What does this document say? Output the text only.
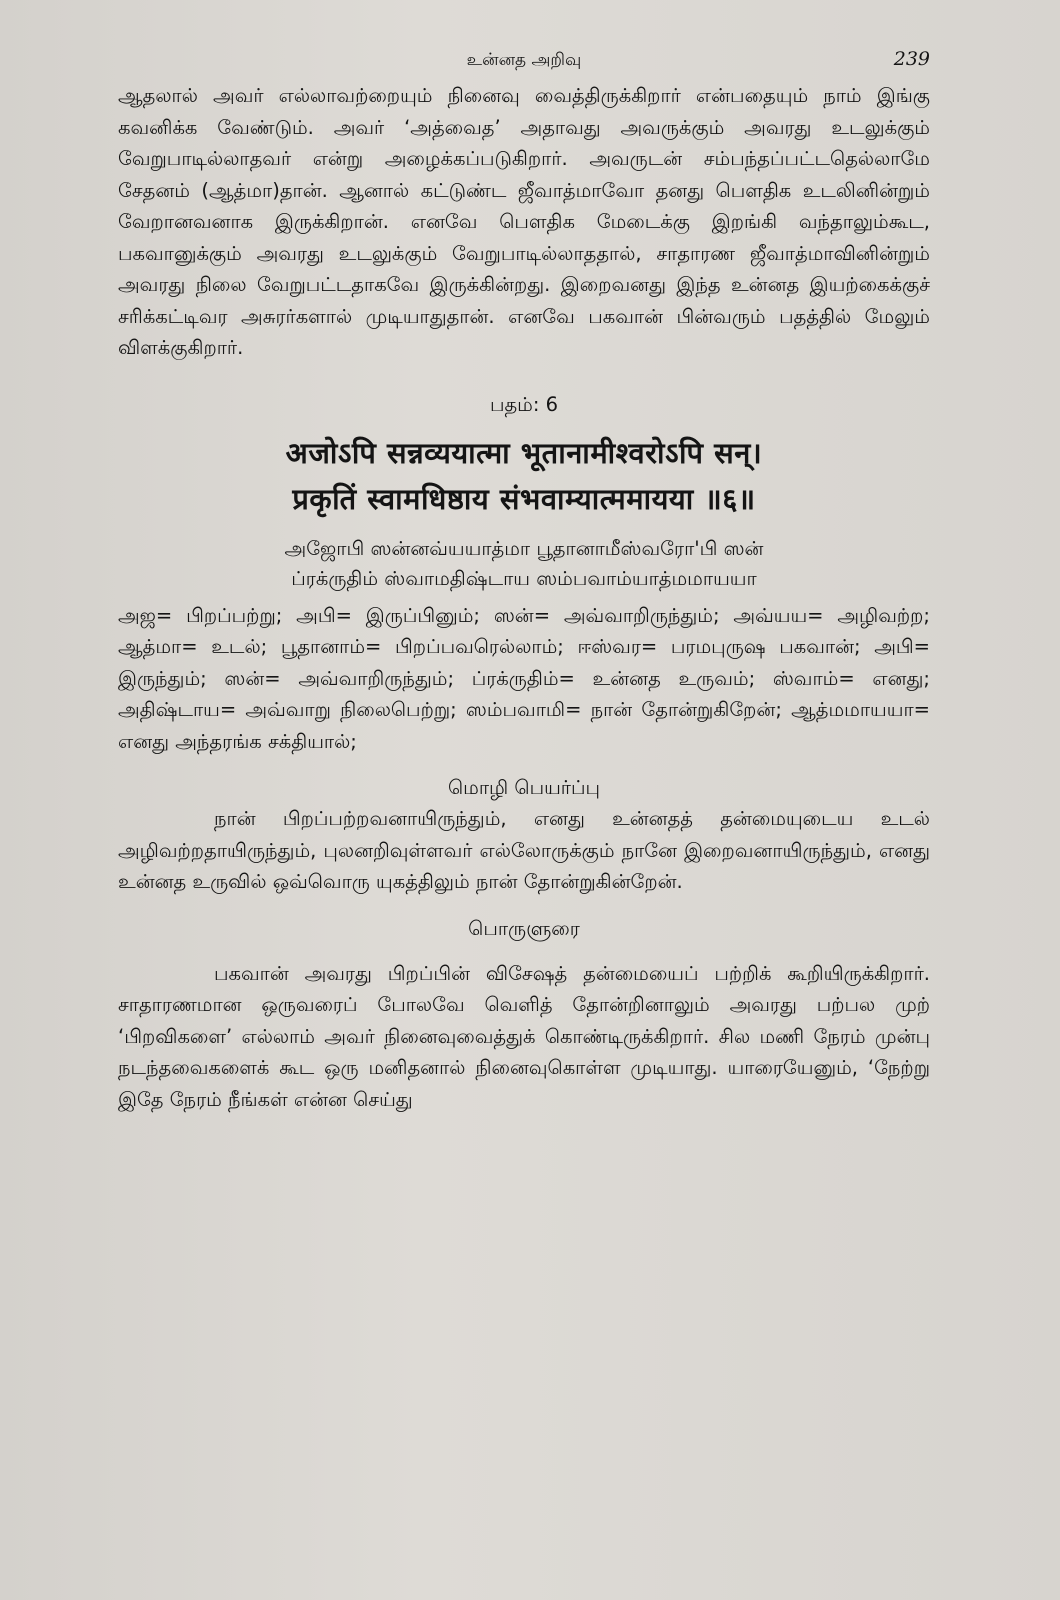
உன்னத அறிவு	239

ஆதலால் அவர் எல்லாவற்றையும் நினைவு வைத்திருக்கிறார் என்பதையும் நாம் இங்கு கவனிக்க வேண்டும். அவர் ‘அத்வைத’ அதாவது அவருக்கும் அவரது உடலுக்கும் வேறுபாடில்லாதவர் என்று அழைக்கப்படுகிறார். அவருடன் சம்பந்தப்பட்டதெல்லாமே சேதனம் (ஆத்மா)தான். ஆனால் கட்டுண்ட ஜீவாத்மாவோ தனது பௌதிக உடலினின்றும் வேறானவனாக இருக்கிறான். எனவே பௌதிக மேடைக்கு இறங்கி வந்தாலும்கூட, பகவானுக்கும் அவரது உடலுக்கும் வேறுபாடில்லாததால், சாதாரண ஜீவாத்மாவினின்றும் அவரது நிலை வேறுபட்டதாகவே இருக்கின்றது. இறைவனது இந்த உன்னத இயற்கைக்குச் சரிக்கட்டிவர அசுரர்களால் முடியாதுதான். எனவே பகவான் பின்வரும் பதத்தில் மேலும் விளக்குகிறார்.

பதம்: 6
अजोऽपि सन्नव्ययात्मा भूतानामीश्वरोऽपि सन्।
प्रकृतिं स्वामधिष्ठाय संभवाम्यात्ममायया ॥६॥
அஜோபி ஸன்னவ்யயாத்மா பூதானாமீஸ்வரோ'பி ஸன்
ப்ரக்ருதிம் ஸ்வாமதிஷ்டாய ஸம்பவாம்யாத்மமாயயா

அஜ= பிறப்பற்று; அபி= இருப்பினும்; ஸன்= அவ்வாறிருந்தும்; அவ்யய= அழிவற்ற; ஆத்மா= உடல்; பூதானாம்= பிறப்பவரெல்லாம்; ஈஸ்வர= பரமபுருஷ பகவான்; அபி= இருந்தும்; ஸன்= அவ்வாறிருந்தும்; ப்ரக்ருதிம்= உன்னத உருவம்; ஸ்வாம்= எனது; அதிஷ்டாய= அவ்வாறு நிலைபெற்று; ஸம்பவாமி= நான் தோன்றுகிறேன்; ஆத்மமாயயா= எனது அந்தரங்க சக்தியால்;

மொழி பெயர்ப்பு

நான் பிறப்பற்றவனாயிருந்தும், எனது உன்னதத் தன்மையுடைய உடல் அழிவற்றதாயிருந்தும், புலனறிவுள்ளவர் எல்லோருக்கும் நானே இறைவனாயிருந்தும், எனது உன்னத உருவில் ஒவ்வொரு யுகத்திலும் நான் தோன்றுகின்றேன்.

பொருளுரை

பகவான் அவரது பிறப்பின் விசேஷத் தன்மையைப் பற்றிக் கூறியிருக்கிறார். சாதாரணமான ஒருவரைப் போலவே வெளித் தோன்றினாலும் அவரது பற்பல முற் ‘பிறவிகளை’ எல்லாம் அவர் நினைவுவைத்துக் கொண்டிருக்கிறார். சில மணி நேரம் முன்பு நடந்தவைகளைக் கூட ஒரு மனிதனால் நினைவுகொள்ள முடியாது. யாரையேனும், ‘நேற்று இதே நேரம் நீங்கள் என்ன செய்து
